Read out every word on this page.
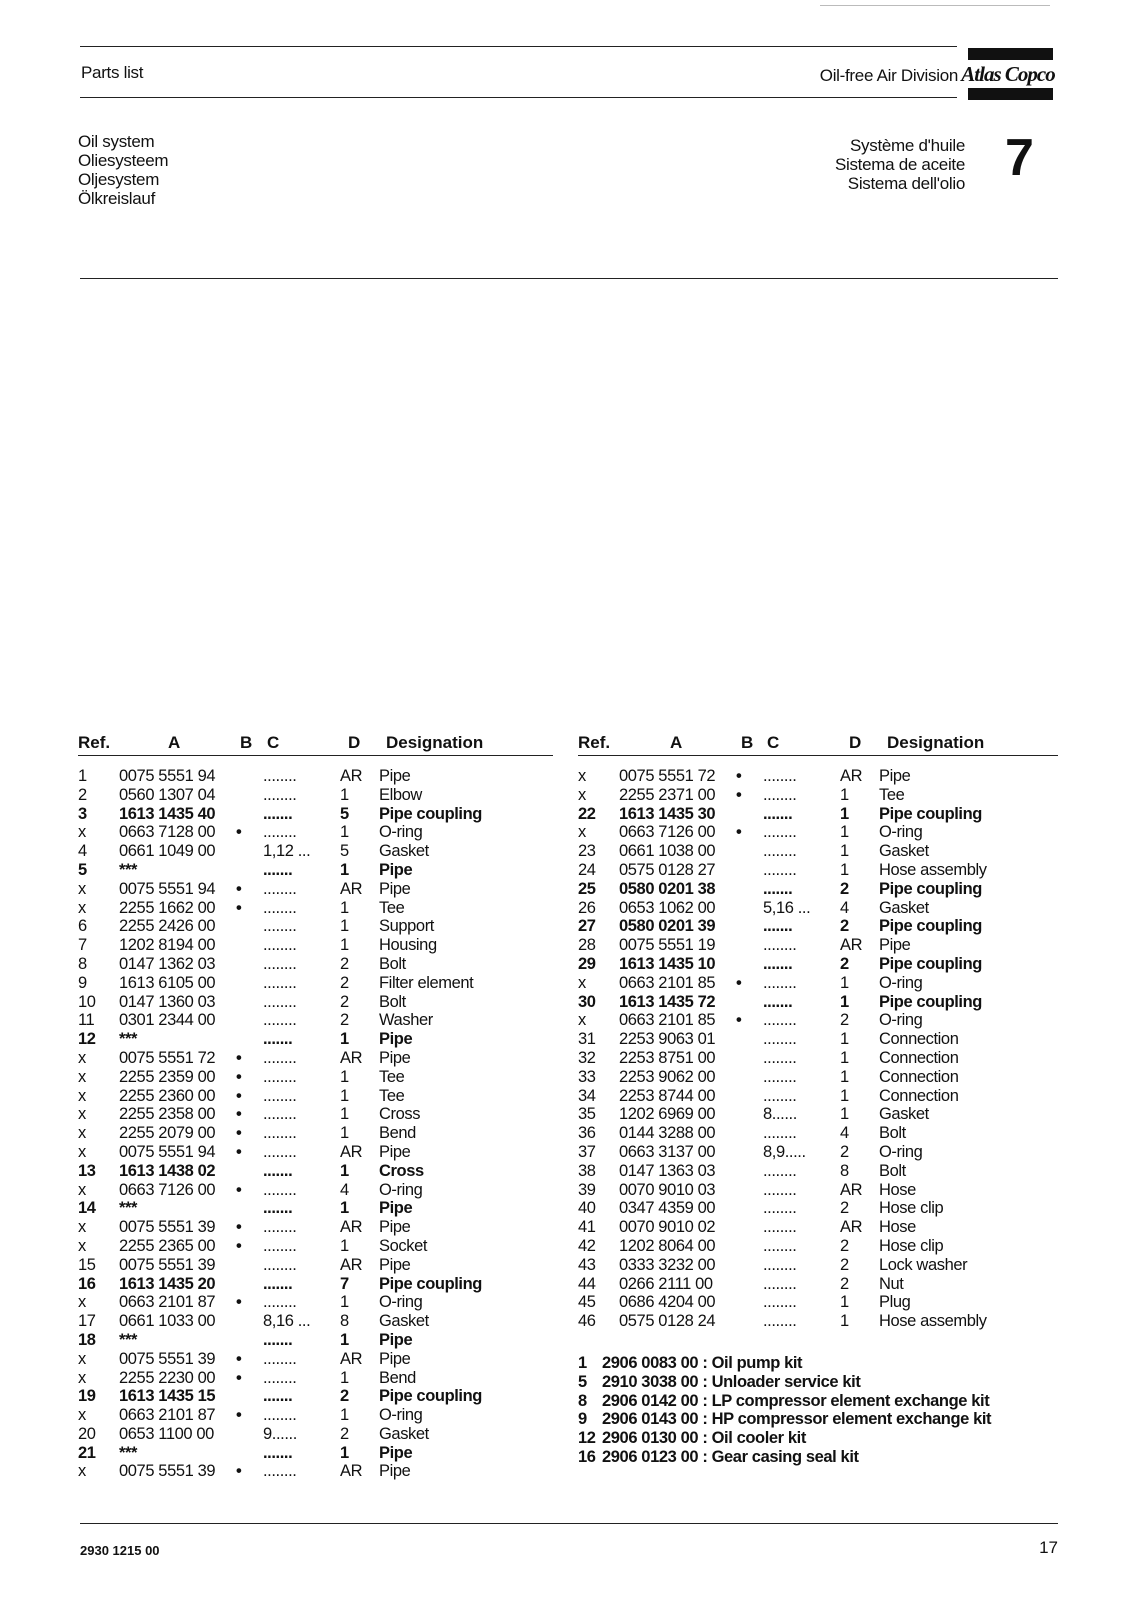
Parts list	Oil-free Air Division Atlas Copco
Oil system
Oliesysteem
Oljesystem
Ölkreislauf
Système d'huile
Sistema de aceite
Sistema dell'olio 7
Ref.	A	B C	D Designation	Ref.	A	B C	D Designation
1 0075 5551 94	........	AR Pipe
2 0560 1307 04	........	1 Elbow
3 1613 1435 40	.......	5 Pipe coupling
x 0663 7128 00 • ........	1 O-ring
4 0661 1049 00	1,12 ... 5 Gasket
5 ***	.......	1 Pipe
x 0075 5551 94 • ........	AR Pipe
x 2255 1662 00 • ........	1 Tee
6 2255 2426 00	........	1 Support
7 1202 8194 00	........	1 Housing
8 0147 1362 03	........	2 Bolt
9 1613 6105 00	........	2 Filter element
10 0147 1360 03	........	2 Bolt
11 0301 2344 00	........	2 Washer
12 ***	.......	1 Pipe
x 0075 5551 72 • ........	AR Pipe
x 2255 2359 00 • ........	1 Tee
x 2255 2360 00 • ........	1 Tee
x 2255 2358 00 • ........	1 Cross
x 2255 2079 00 • ........	1 Bend
x 0075 5551 94 • ........	AR Pipe
13 1613 1438 02	.......	1 Cross
x 0663 7126 00 • ........	4 O-ring
14 ***	.......	1 Pipe
x 0075 5551 39 • ........	AR Pipe
x 2255 2365 00 • ........	1 Socket
15 0075 5551 39	........	AR Pipe
16 1613 1435 20	.......	7 Pipe coupling
x 0663 2101 87 • ........	1 O-ring
17 0661 1033 00	8,16 ... 8 Gasket
18 ***	.......	1 Pipe
x 0075 5551 39 • ........	AR Pipe
x 2255 2230 00 • ........	1 Bend
19 1613 1435 15	.......	2 Pipe coupling
x 0663 2101 87 • ........	1 O-ring
20 0653 1100 00	9......	2 Gasket
21 ***	.......	1 Pipe
x 0075 5551 39 • ........	AR Pipe
x 0075 5551 72 • ........	AR Pipe
x 2255 2371 00 • ........	1 Tee
22 1613 1435 30	.......	1 Pipe coupling
x 0663 7126 00 • ........	1 O-ring
23 0661 1038 00	........	1 Gasket
24 0575 0128 27	........	1 Hose assembly
25 0580 0201 38	.......	2 Pipe coupling
26 0653 1062 00	5,16 ... 4 Gasket
27 0580 0201 39	.......	2 Pipe coupling
28 0075 5551 19	........	AR Pipe
29 1613 1435 10	.......	2 Pipe coupling
x 0663 2101 85 • ........	1 O-ring
30 1613 1435 72	.......	1 Pipe coupling
x 0663 2101 85 • ........	2 O-ring
31 2253 9063 01	........	1 Connection
32 2253 8751 00	........	1 Connection
33 2253 9062 00	........	1 Connection
34 2253 8744 00	........	1 Connection
35 1202 6969 00	8......	1 Gasket
36 0144 3288 00	........	4 Bolt
37 0663 3137 00	8,9..... 2 O-ring
38 0147 1363 03	........	8 Bolt
39 0070 9010 03	........	AR Hose
40 0347 4359 00	........	2 Hose clip
41 0070 9010 02	........	AR Hose
42 1202 8064 00	........	2 Hose clip
43 0333 3232 00	........	2 Lock washer
44 0266 2111 00	........	2 Nut
45 0686 4204 00	........	1 Plug
46 0575 0128 24	........	1 Hose assembly
1 2906 0083 00 : Oil pump kit
5 2910 3038 00 : Unloader service kit
8 2906 0142 00 : LP compressor element exchange kit
9 2906 0143 00 : HP compressor element exchange kit
12 2906 0130 00 : Oil cooler kit
16 2906 0123 00 : Gear casing seal kit
2930 1215 00	17
